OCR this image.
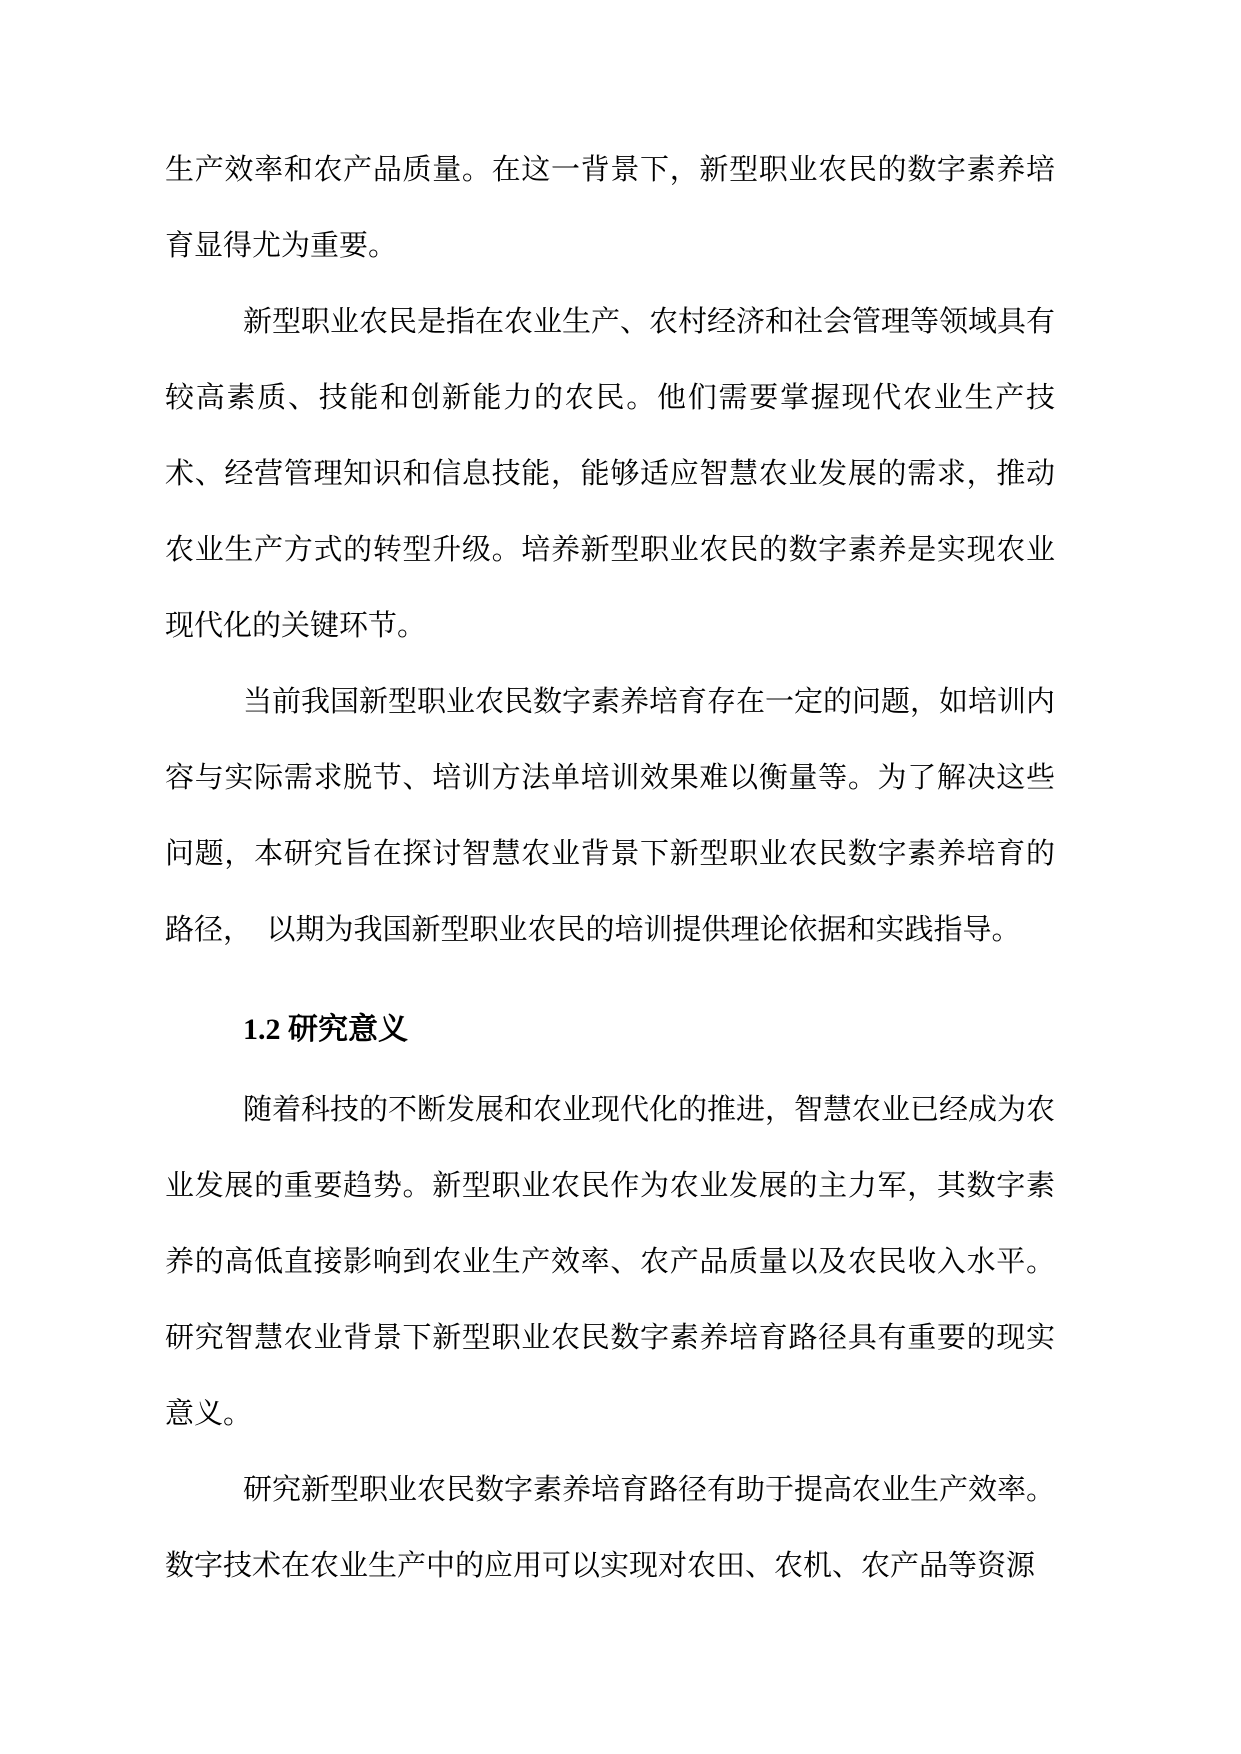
生产效率和农产品质量。在这一背景下，新型职业农民的数字素养培育显得尤为重要。

新型职业农民是指在农业生产、农村经济和社会管理等领域具有较高素质、技能和创新能力的农民。他们需要掌握现代农业生产技术、经营管理知识和信息技能，能够适应智慧农业发展的需求，推动农业生产方式的转型升级。培养新型职业农民的数字素养是实现农业现代化的关键环节。

当前我国新型职业农民数字素养培育存在一定的问题，如培训内容与实际需求脱节、培训方法单培训效果难以衡量等。为了解决这些问题，本研究旨在探讨智慧农业背景下新型职业农民数字素养培育的路径，　以期为我国新型职业农民的培训提供理论依据和实践指导。

1.2 研究意义

随着科技的不断发展和农业现代化的推进，智慧农业已经成为农业发展的重要趋势。新型职业农民作为农业发展的主力军，其数字素养的高低直接影响到农业生产效率、农产品质量以及农民收入水平。研究智慧农业背景下新型职业农民数字素养培育路径具有重要的现实意义。

研究新型职业农民数字素养培育路径有助于提高农业生产效率。数字技术在农业生产中的应用可以实现对农田、农机、农产品等资源
